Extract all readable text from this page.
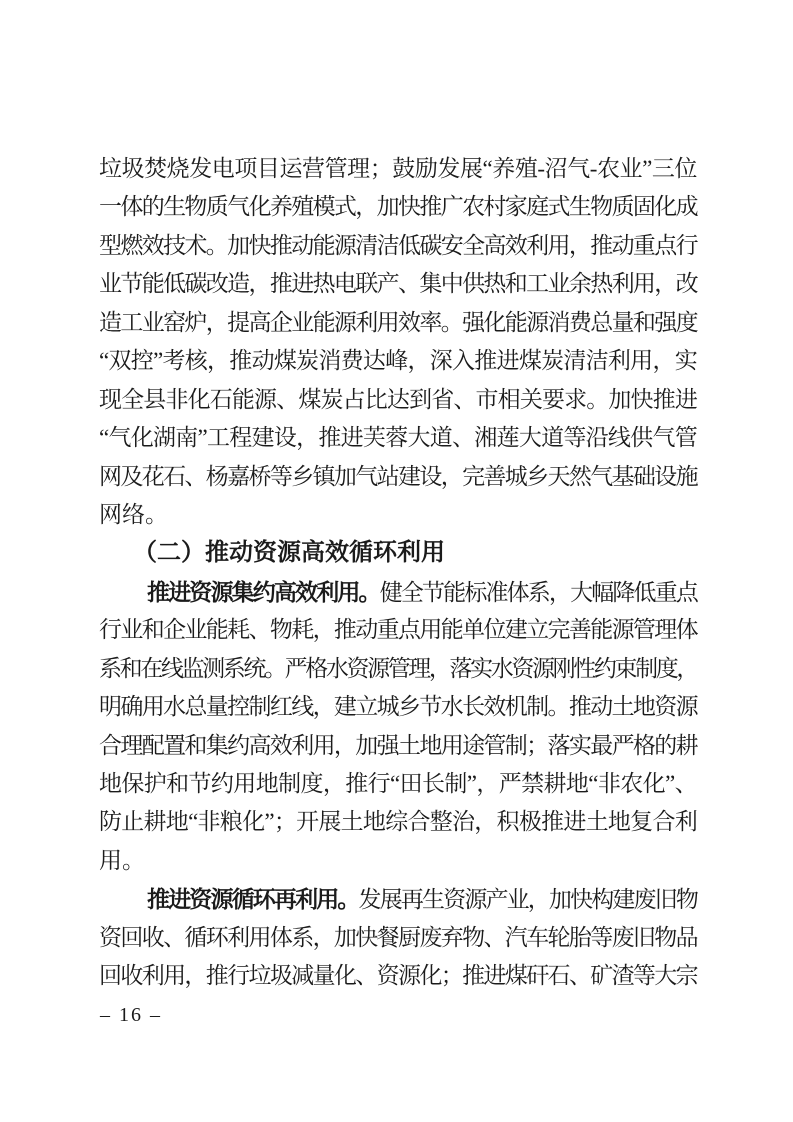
垃圾焚烧发电项目运营管理；鼓励发展“养殖-沼气-农业”三位
一体的生物质气化养殖模式，加快推广农村家庭式生物质固化成
型燃效技术。加快推动能源清洁低碳安全高效利用，推动重点行
业节能低碳改造，推进热电联产、集中供热和工业余热利用，改
造工业窑炉，提高企业能源利用效率。强化能源消费总量和强度
“双控”考核，推动煤炭消费达峰，深入推进煤炭清洁利用，实
现全县非化石能源、煤炭占比达到省、市相关要求。加快推进
“气化湖南”工程建设，推进芙蓉大道、湘莲大道等沿线供气管
网及花石、杨嘉桥等乡镇加气站建设，完善城乡天然气基础设施
网络。
（二）推动资源高效循环利用
推进资源集约高效利用。健全节能标准体系，大幅降低重点
行业和企业能耗、物耗，推动重点用能单位建立完善能源管理体
系和在线监测系统。严格水资源管理，落实水资源刚性约束制度，
明确用水总量控制红线，建立城乡节水长效机制。推动土地资源
合理配置和集约高效利用，加强土地用途管制；落实最严格的耕
地保护和节约用地制度，推行“田长制”，严禁耕地“非农化”、
防止耕地“非粮化”；开展土地综合整治，积极推进土地复合利
用。
推进资源循环再利用。发展再生资源产业，加快构建废旧物
资回收、循环利用体系，加快餐厨废弃物、汽车轮胎等废旧物品
回收利用，推行垃圾减量化、资源化；推进煤矸石、矿渣等大宗
– 16 –
